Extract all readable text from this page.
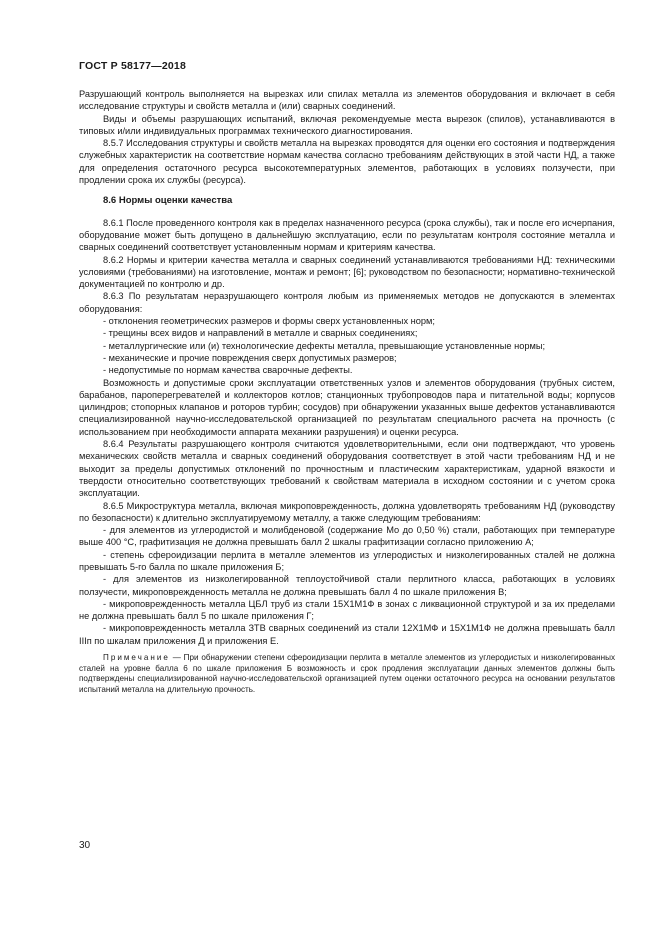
ГОСТ Р 58177—2018

Разрушающий контроль выполняется на вырезках или спилах металла из элементов оборудования и включает в себя исследование структуры и свойств металла и (или) сварных соединений.

Виды и объемы разрушающих испытаний, включая рекомендуемые места вырезок (спилов), устанавливаются в типовых и/или индивидуальных программах технического диагностирования.

8.5.7 Исследования структуры и свойств металла на вырезках проводятся для оценки его состояния и подтверждения служебных характеристик на соответствие нормам качества согласно требованиям действующих в этой части НД, а также для определения остаточного ресурса высокотемпературных элементов, работающих в условиях ползучести, при продлении срока их службы (ресурса).

8.6 Нормы оценки качества

8.6.1 После проведенного контроля как в пределах назначенного ресурса (срока службы), так и после его исчерпания, оборудование может быть допущено в дальнейшую эксплуатацию, если по результатам контроля состояние металла и сварных соединений соответствует установленным нормам и критериям качества.

8.6.2 Нормы и критерии качества металла и сварных соединений устанавливаются требованиями НД: техническими условиями (требованиями) на изготовление, монтаж и ремонт; [6]; руководством по безопасности; нормативно-технической документацией по контролю и др.

8.6.3 По результатам неразрушающего контроля любым из применяемых методов не допускаются в элементах оборудования:

- отклонения геометрических размеров и формы сверх установленных норм;

- трещины всех видов и направлений в металле и сварных соединениях;

- металлургические или (и) технологические дефекты металла, превышающие установленные нормы;

- механические и прочие повреждения сверх допустимых размеров;

- недопустимые по нормам качества сварочные дефекты.

Возможность и допустимые сроки эксплуатации ответственных узлов и элементов оборудования (трубных систем, барабанов, пароперегревателей и коллекторов котлов; станционных трубопроводов пара и питательной воды; корпусов цилиндров; стопорных клапанов и роторов турбин; сосудов) при обнаружении указанных выше дефектов устанавливаются специализированной научно-исследовательской организацией по результатам специального расчета на прочность (с использованием при необходимости аппарата механики разрушения) и оценки ресурса.

8.6.4 Результаты разрушающего контроля считаются удовлетворительными, если они подтверждают, что уровень механических свойств металла и сварных соединений оборудования соответствует в этой части требованиям НД и не выходит за пределы допустимых отклонений по прочностным и пластическим характеристикам, ударной вязкости и твердости относительно соответствующих требований к свойствам материала в исходном состоянии и с учетом срока эксплуатации.

8.6.5 Микроструктура металла, включая микроповрежденность, должна удовлетворять требованиям НД (руководству по безопасности) к длительно эксплуатируемому металлу, а также следующим требованиям:

- для элементов из углеродистой и молибденовой (содержание Mo до 0,50 %) стали, работающих при температуре выше 400 °С, графитизация не должна превышать балл 2 шкалы графитизации согласно приложению А;

- степень сфероидизации перлита в металле элементов из углеродистых и низколегированных сталей не должна превышать 5-го балла по шкале приложения Б;

- для элементов из низколегированной теплоустойчивой стали перлитного класса, работающих в условиях ползучести, микроповрежденность металла не должна превышать балл 4 по шкале приложения В;

- микроповрежденность металла ЦБЛ труб из стали 15Х1М1Ф в зонах с ликвационной структурой и за их пределами не должна превышать балл 5 по шкале приложения Г;

- микроповрежденность металла ЗТВ сварных соединений из стали 12Х1МФ и 15Х1М1Ф не должна превышать балл IIIп по шкалам приложения Д и приложения Е.

Примечание — При обнаружении степени сфероидизации перлита в металле элементов из углеродистых и низколегированных сталей на уровне балла 6 по шкале приложения Б возможность и срок продления эксплуатации данных элементов должны быть подтверждены специализированной научно-исследовательской организацией путем оценки остаточного ресурса на основании результатов испытаний металла на длительную прочность.

30
